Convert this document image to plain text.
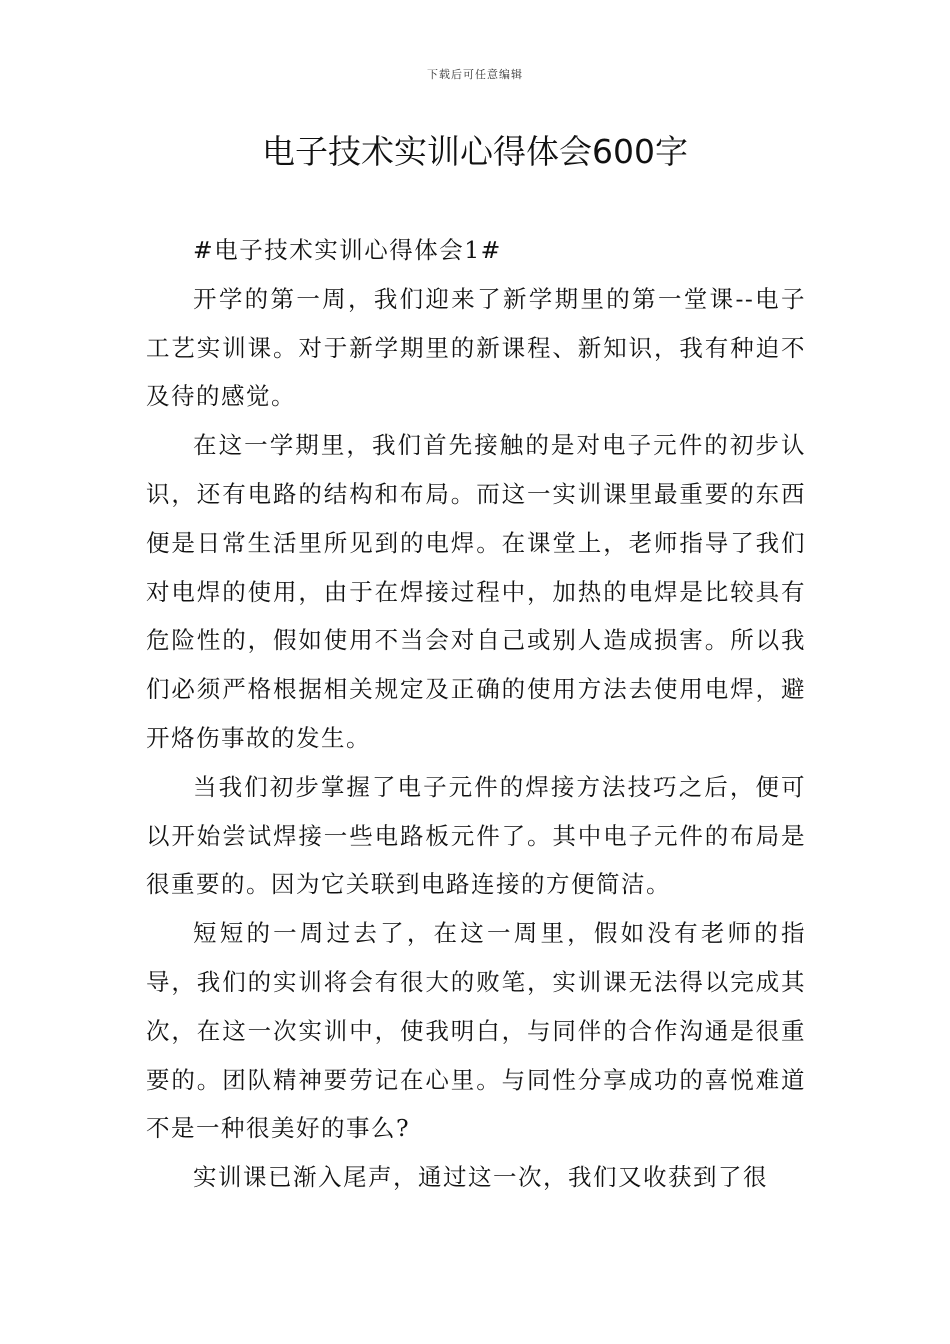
下载后可任意编辑
电子技术实训心得体会600字

#电子技术实训心得体会1#

开学的第一周，我们迎来了新学期里的第一堂课--电子工艺实训课。对于新学期里的新课程、新知识，我有种迫不及待的感觉。

在这一学期里，我们首先接触的是对电子元件的初步认识，还有电路的结构和布局。而这一实训课里最重要的东西便是日常生活里所见到的电焊。在课堂上，老师指导了我们对电焊的使用，由于在焊接过程中，加热的电焊是比较具有危险性的，假如使用不当会对自己或别人造成损害。所以我们必须严格根据相关规定及正确的使用方法去使用电焊，避开烙伤事故的发生。

当我们初步掌握了电子元件的焊接方法技巧之后，便可以开始尝试焊接一些电路板元件了。其中电子元件的布局是很重要的。因为它关联到电路连接的方便简洁。

短短的一周过去了，在这一周里，假如没有老师的指导，我们的实训将会有很大的败笔，实训课无法得以完成其次，在这一次实训中，使我明白，与同伴的合作沟通是很重要的。团队精神要劳记在心里。与同性分享成功的喜悦难道不是一种很美好的事么?

实训课已渐入尾声，通过这一次，我们又收获到了很
